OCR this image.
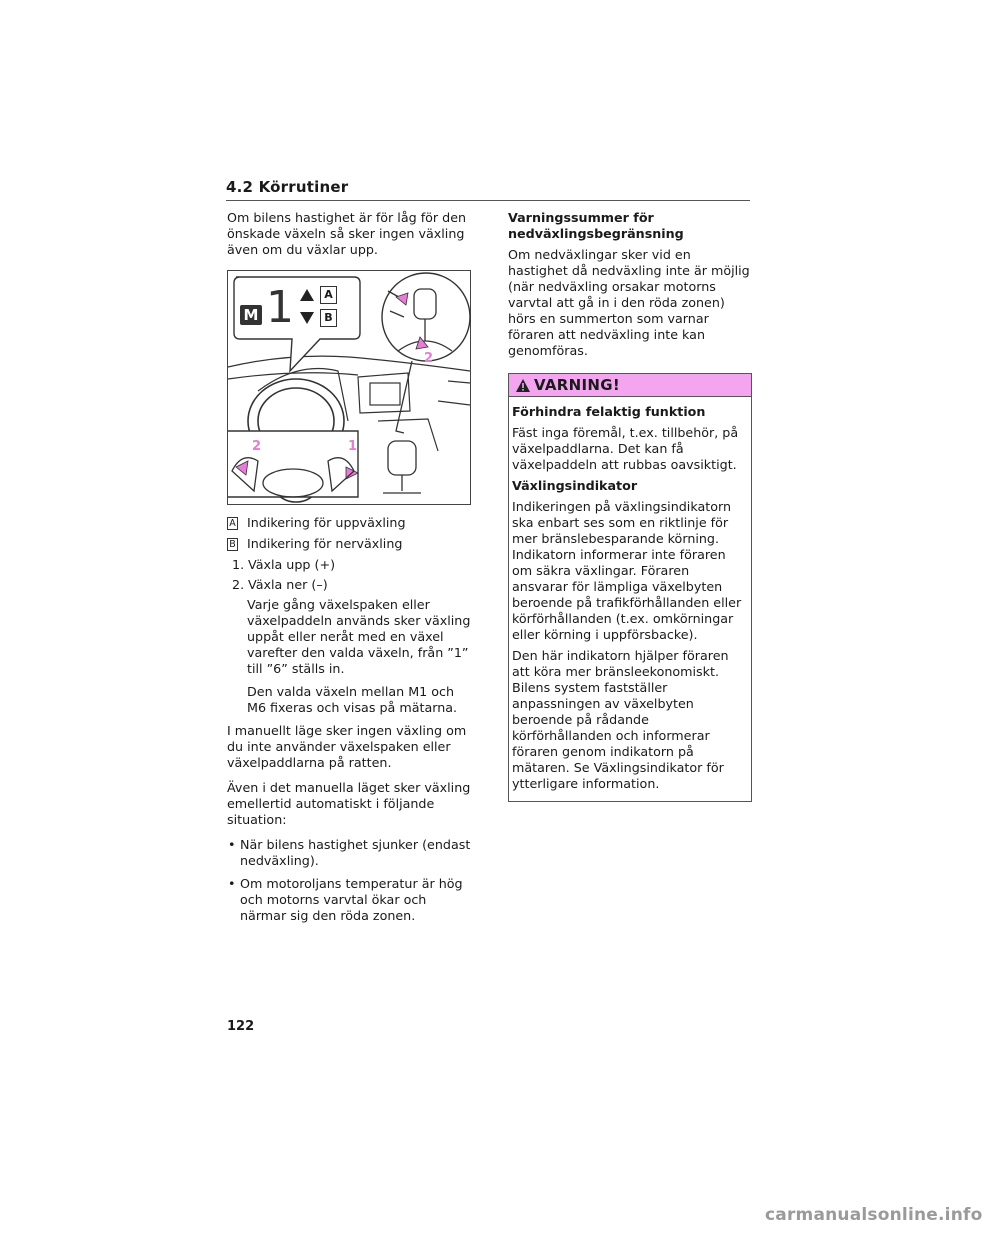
4.2 Körrutiner

Om bilens hastighet är för låg för den önskade växeln så sker ingen växling även om du växlar upp.

M 1	A
B
2
2	1
A Indikering för uppväxling
B Indikering för nerväxling
1. Växla upp (+)
2. Växla ner (–)
Varje gång växelspaken eller växelpaddeln används sker växling uppåt eller neråt med en växel varefter den valda växeln, från ”1” till ”6” ställs in.
Den valda växeln mellan M1 och M6 fixeras och visas på mätarna.

I manuellt läge sker ingen växling om du inte använder växelspaken eller växelpaddlarna på ratten.

Även i det manuella läget sker växling emellertid automatiskt i följande situation:

• När bilens hastighet sjunker (endast nedväxling).
• Om motoroljans temperatur är hög och motorns varvtal ökar och närmar sig den röda zonen.
Varningssummer för nedväxlingsbegränsning

Om nedväxlingar sker vid en hastighet då nedväxling inte är möjlig (när nedväxling orsakar motorns varvtal att gå in i den röda zonen) hörs en summerton som varnar föraren att nedväxling inte kan genomföras.

VARNING!
Förhindra felaktig funktion

Fäst inga föremål, t.ex. tillbehör, på växelpaddlarna. Det kan få växelpaddeln att rubbas oavsiktigt.

Växlingsindikator

Indikeringen på växlingsindikatorn ska enbart ses som en riktlinje för mer bränslebesparande körning. Indikatorn informerar inte föraren om säkra växlingar. Föraren ansvarar för lämpliga växelbyten beroende på trafikförhållanden eller körförhållanden (t.ex. omkörningar eller körning i uppförsbacke).

Den här indikatorn hjälper föraren att köra mer bränsleekonomiskt. Bilens system fastställer anpassningen av växelbyten beroende på rådande körförhållanden och informerar föraren genom indikatorn på mätaren. Se Växlingsindikator för ytterligare information.

122
carmanualsonline.info
